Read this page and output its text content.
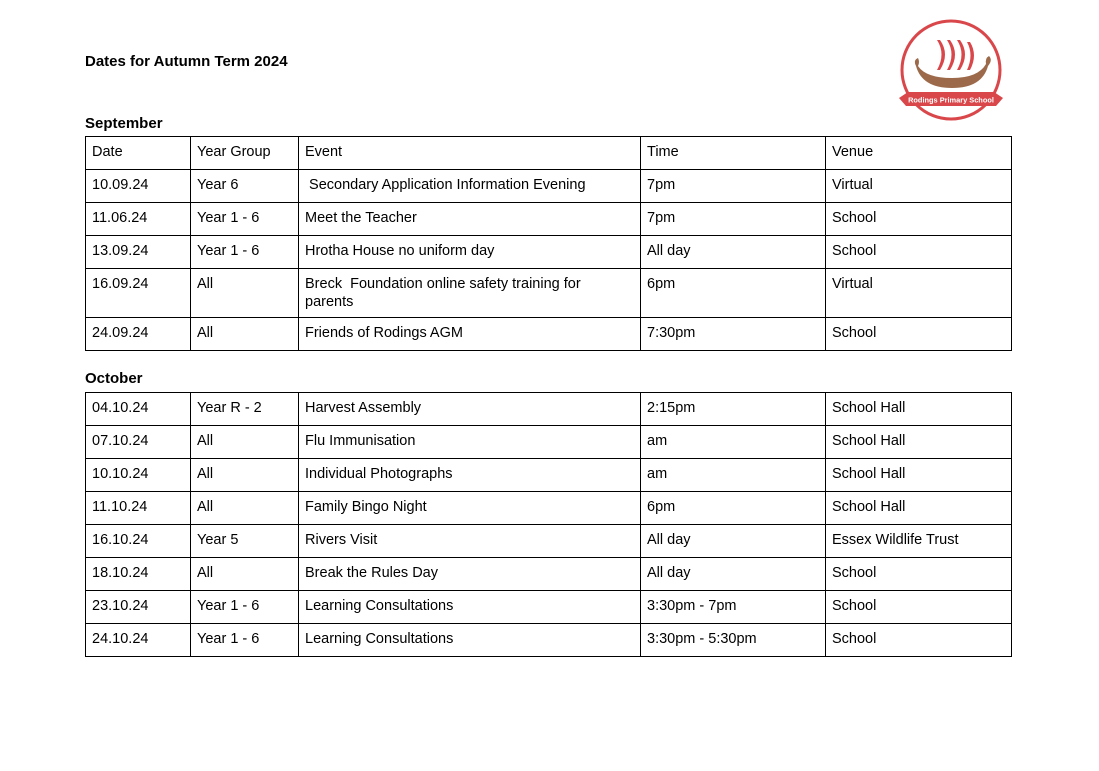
Dates for Autumn Term 2024
Rodings Primary School
September
Date	Year Group	Event	Time	Venue
10.09.24	Year 6	Secondary Application Information Evening	7pm	Virtual
11.06.24	Year 1 - 6	Meet the Teacher	7pm	School
13.09.24	Year 1 - 6	Hrotha House no uniform day	All day	School
16.09.24	All	Breck  Foundation online safety training for parents	6pm	Virtual
24.09.24	All	Friends of Rodings AGM	7:30pm	School
October
04.10.24	Year R - 2	Harvest Assembly	2:15pm	School Hall
07.10.24	All	Flu Immunisation	am	School Hall
10.10.24	All	Individual Photographs	am	School Hall
11.10.24	All	Family Bingo Night	6pm	School Hall
16.10.24	Year 5	Rivers Visit	All day	Essex Wildlife Trust
18.10.24	All	Break the Rules Day	All day	School
23.10.24	Year 1 - 6	Learning Consultations	3:30pm - 7pm	School
24.10.24	Year 1 - 6	Learning Consultations	3:30pm - 5:30pm	School
